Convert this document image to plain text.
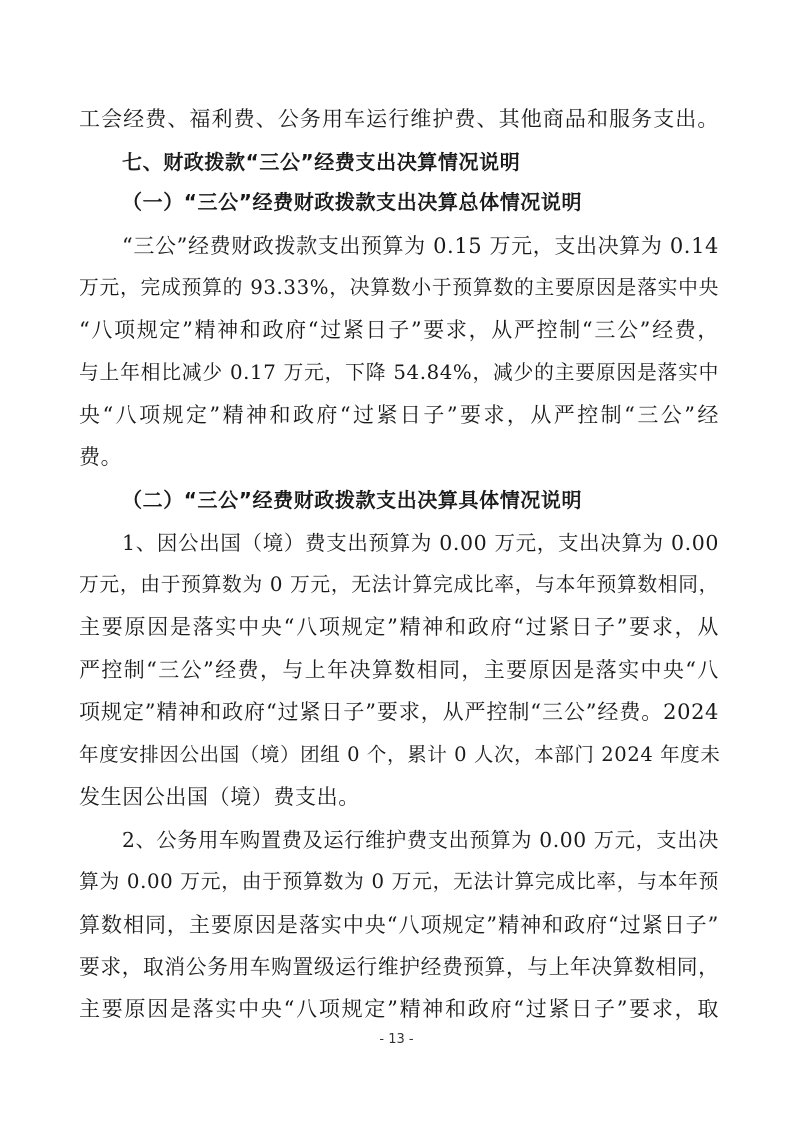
工会经费、福利费、公务用车运行维护费、其他商品和服务支出。
七、财政拨款“三公”经费支出决算情况说明
（一）“三公”经费财政拨款支出决算总体情况说明
“三公”经费财政拨款支出预算为 0.15 万元，支出决算为 0.14
万元，完成预算的 93.33%，决算数小于预算数的主要原因是落实中央
“八项规定”精神和政府“过紧日子”要求，从严控制“三公”经费，
与上年相比减少 0.17 万元，下降 54.84%，减少的主要原因是落实中
央“八项规定”精神和政府“过紧日子”要求，从严控制“三公”经
费。
（二）“三公”经费财政拨款支出决算具体情况说明
1、因公出国（境）费支出预算为 0.00 万元，支出决算为 0.00
万元，由于预算数为 0 万元，无法计算完成比率，与本年预算数相同，
主要原因是落实中央“八项规定”精神和政府“过紧日子”要求，从
严控制“三公”经费，与上年决算数相同，主要原因是落实中央“八
项规定”精神和政府“过紧日子”要求，从严控制“三公”经费。2024
年度安排因公出国（境）团组 0 个，累计 0 人次，本部门 2024 年度未
发生因公出国（境）费支出。
2、公务用车购置费及运行维护费支出预算为 0.00 万元，支出决
算为 0.00 万元，由于预算数为 0 万元，无法计算完成比率，与本年预
算数相同，主要原因是落实中央“八项规定”精神和政府“过紧日子”
要求，取消公务用车购置级运行维护经费预算，与上年决算数相同，
主要原因是落实中央“八项规定”精神和政府“过紧日子”要求，取
- 13 -
